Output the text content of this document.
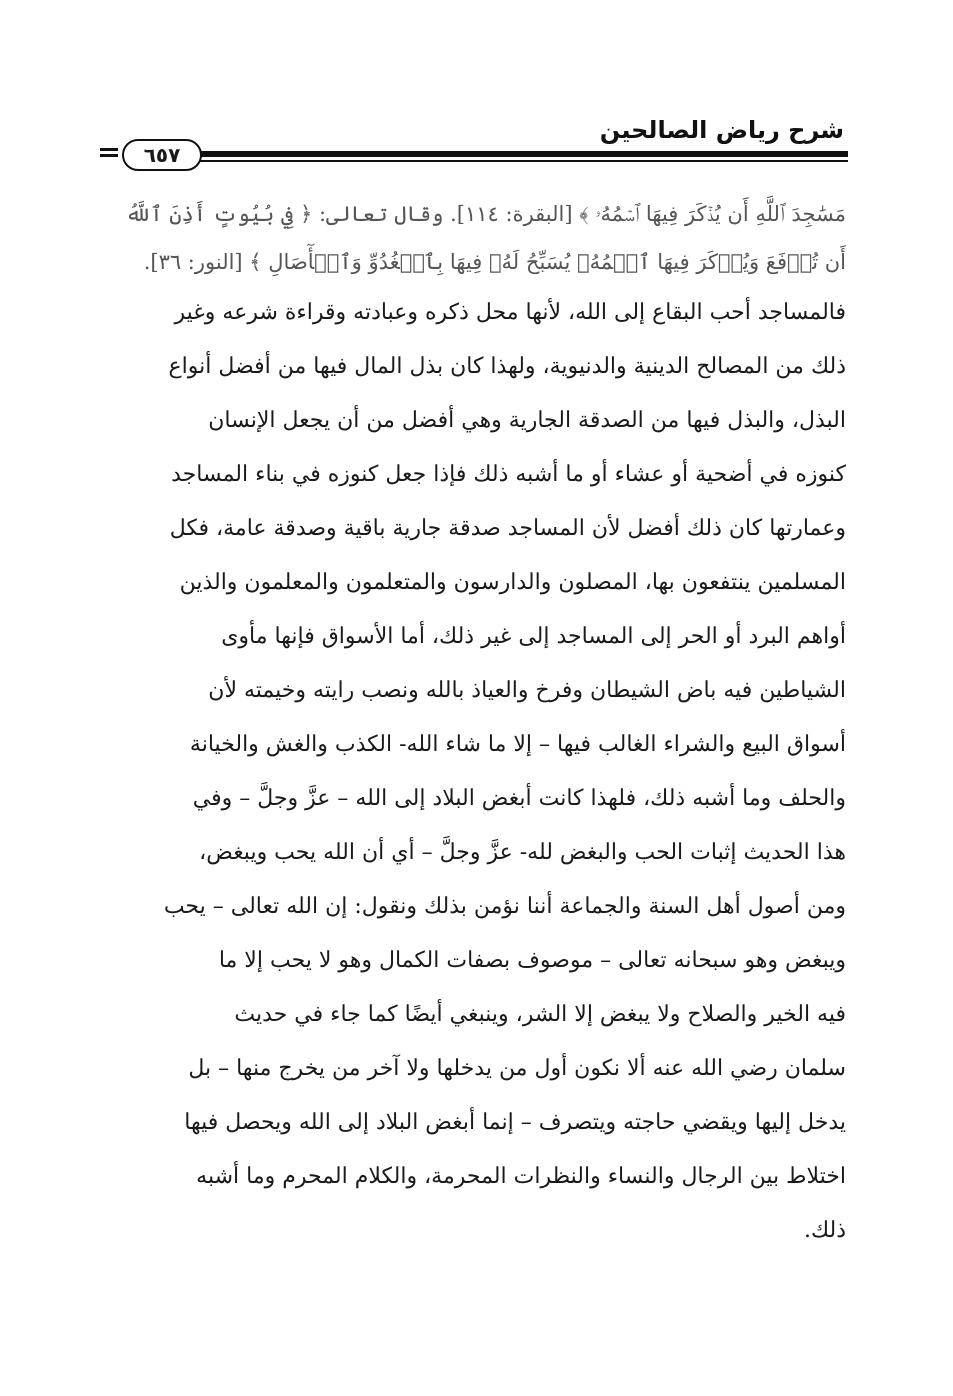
شرح رياض الصالحين
٦٥٧
مَسَٰجِدَ ٱللَّهِ أَن يُذۡكَرَ فِيهَا ٱسۡمُهُۥ ﴾ [البقرة: ١١٤]. وقال تعالى: ﴿ فِي بُيُوتٍ أَذِنَ ٱللَّهُ
أَن تُرۡفَعَ وَيُذۡكَرَ فِيهَا ٱسۡمُهُۥ يُسَبِّحُ لَهُۥ فِيهَا بِٱلۡغُدُوِّ وَٱلۡأٓصَالِ ﴾ [النور: ٣٦].
فالمساجد أحب البقاع إلى الله، لأنها محل ذكره وعبادته وقراءة شرعه وغير
ذلك من المصالح الدينية والدنيوية، ولهذا كان بذل المال فيها من أفضل أنواع
البذل، والبذل فيها من الصدقة الجارية وهي أفضل من أن يجعل الإنسان
كنوزه في أضحية أو عشاء أو ما أشبه ذلك فإذا جعل كنوزه في بناء المساجد
وعمارتها كان ذلك أفضل لأن المساجد صدقة جارية باقية وصدقة عامة، فكل
المسلمين ينتفعون بها، المصلون والدارسون والمتعلمون والمعلمون والذين
أواهم البرد أو الحر إلى المساجد إلى غير ذلك، أما الأسواق فإنها مأوى
الشياطين فيه باض الشيطان وفرخ والعياذ بالله ونصب رايته وخيمته لأن
أسواق البيع والشراء الغالب فيها – إلا ما شاء الله- الكذب والغش والخيانة
والحلف وما أشبه ذلك، فلهذا كانت أبغض البلاد إلى الله – عزَّ وجلَّ – وفي
هذا الحديث إثبات الحب والبغض لله- عزَّ وجلَّ – أي أن الله يحب ويبغض،
ومن أصول أهل السنة والجماعة أننا نؤمن بذلك ونقول: إن الله تعالى – يحب
ويبغض وهو سبحانه تعالى – موصوف بصفات الكمال وهو لا يحب إلا ما
فيه الخير والصلاح ولا يبغض إلا الشر، وينبغي أيضًا كما جاء في حديث
سلمان رضي الله عنه ألا نكون أول من يدخلها ولا آخر من يخرج منها – بل
يدخل إليها ويقضي حاجته ويتصرف – إنما أبغض البلاد إلى الله ويحصل فيها
اختلاط بين الرجال والنساء والنظرات المحرمة، والكلام المحرم وما أشبه
ذلك.
